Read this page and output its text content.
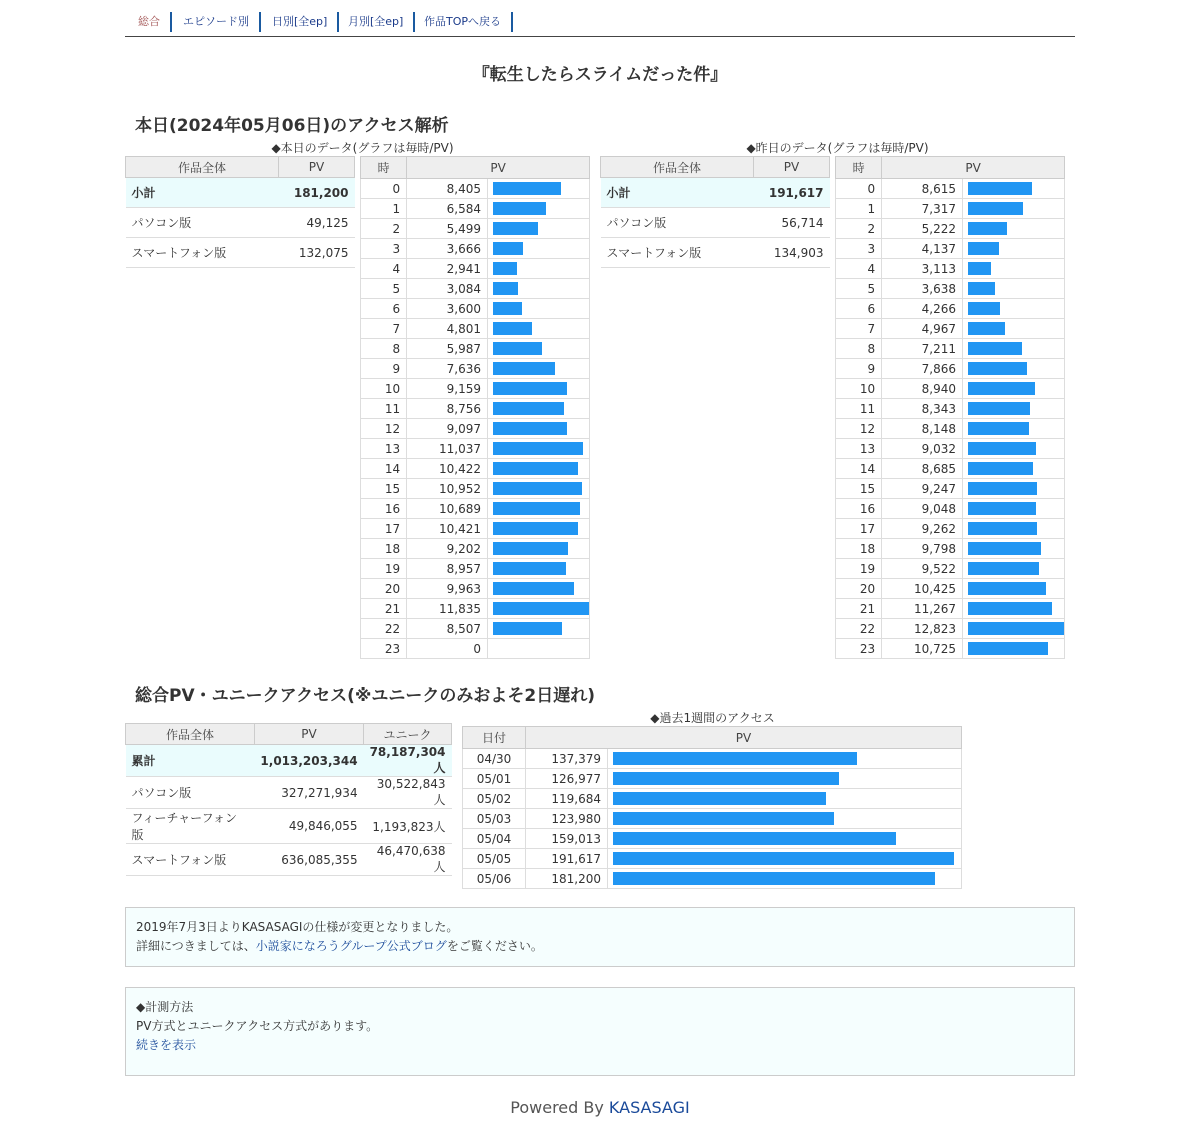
総合	エピソード別	日別[全ep]	月別[全ep]	作品TOPへ戻る
『転生したらスライムだった件』
本日(2024年05月06日)のアクセス解析
◆本日のデータ(グラフは毎時/PV)	◆昨日のデータ(グラフは毎時/PV)
作品全体	PV
小計	181,200
パソコン版	49,125
スマートフォン版	132,075
時	PV	
0	8,405	

1	6,584	

2	5,499	

3	3,666	

4	2,941	

5	3,084	

6	3,600	

7	4,801	

8	5,987	

9	7,636	

10	9,159	

11	8,756	

12	9,097	

13	11,037	

14	10,422	

15	10,952	

16	10,689	

17	10,421	

18	9,202	

19	8,957	

20	9,963	

21	11,835	

22	8,507	

23	0	
作品全体	PV
小計	191,617
パソコン版	56,714
スマートフォン版	134,903
時	PV	
0	8,615	

1	7,317	

2	5,222	

3	4,137	

4	3,113	

5	3,638	

6	4,266	

7	4,967	

8	7,211	

9	7,866	

10	8,940	

11	8,343	

12	8,148	

13	9,032	

14	8,685	

15	9,247	

16	9,048	

17	9,262	

18	9,798	

19	9,522	

20	10,425	

21	11,267	

22	12,823	

23	10,725	
総合PV・ユニークアクセス(※ユニークのみおよそ2日遅れ)
作品全体	PV	ユニーク
累計	1,013,203,344	78,187,304人
パソコン版	327,271,934	30,522,843人
フィーチャーフォン版	49,846,055	1,193,823人
スマートフォン版	636,085,355	46,470,638人
◆過去1週間のアクセス
日付	PV	
04/30	137,379	

05/01	126,977	

05/02	119,684	

05/03	123,980	

05/04	159,013	

05/05	191,617	

05/06	181,200	
2019年7月3日よりKASASAGIの仕様が変更となりました。
詳細につきましては、小説家になろうグループ公式ブログをご覧ください。
◆計測方法
PV方式とユニークアクセス方式があります。
続きを表示
Powered By KASASAGI
